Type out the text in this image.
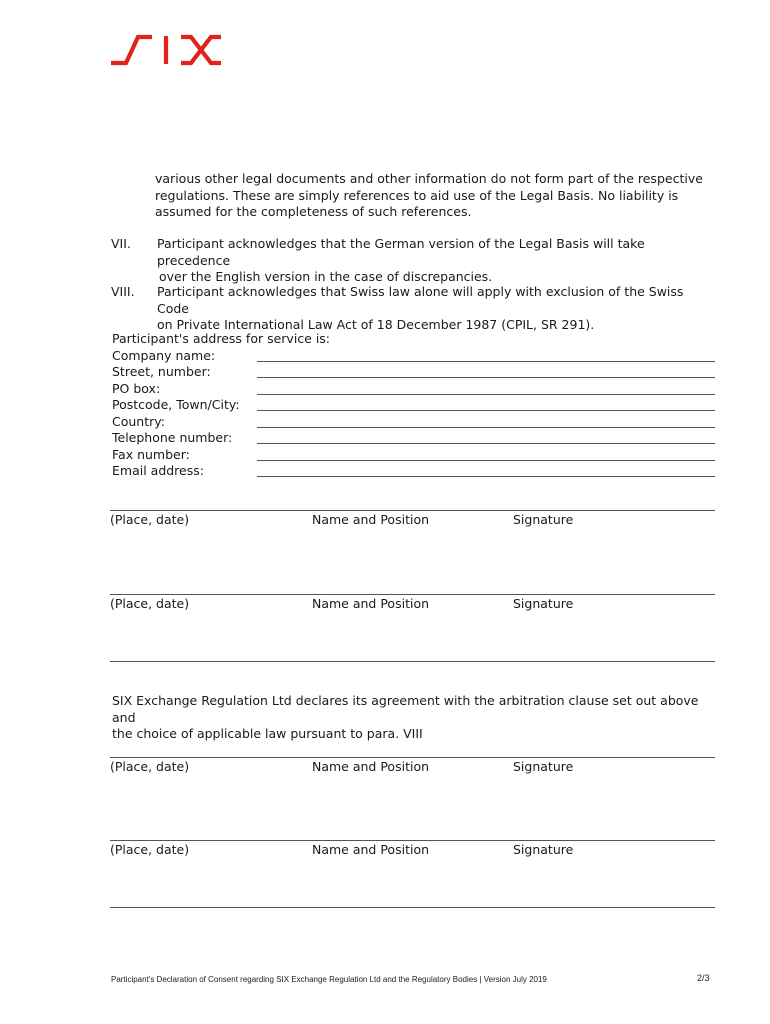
various other legal documents and other information do not form part of the respective
regulations. These are simply references to aid use of the Legal Basis. No liability is
assumed for the completeness of such references.
VII. Participant acknowledges that the German version of the Legal Basis will take precedence
over the English version in the case of discrepancies.
VIII. Participant acknowledges that Swiss law alone will apply with exclusion of the Swiss Code
on Private International Law Act of 18 December 1987 (CPIL, SR 291).
Participant's address for service is:
Company name:
Street, number:
PO box:
Postcode, Town/City:
Country:
Telephone number:
Fax number:
Email address:
(Place, date)	Name and Position	Signature
(Place, date)	Name and Position	Signature
SIX Exchange Regulation Ltd declares its agreement with the arbitration clause set out above and
the choice of applicable law pursuant to para. VIII
(Place, date)	Name and Position	Signature
(Place, date)	Name and Position	Signature
Participant's Declaration of Consent regarding SIX Exchange Regulation Ltd and the Regulatory Bodies | Version July 2019	2/3
